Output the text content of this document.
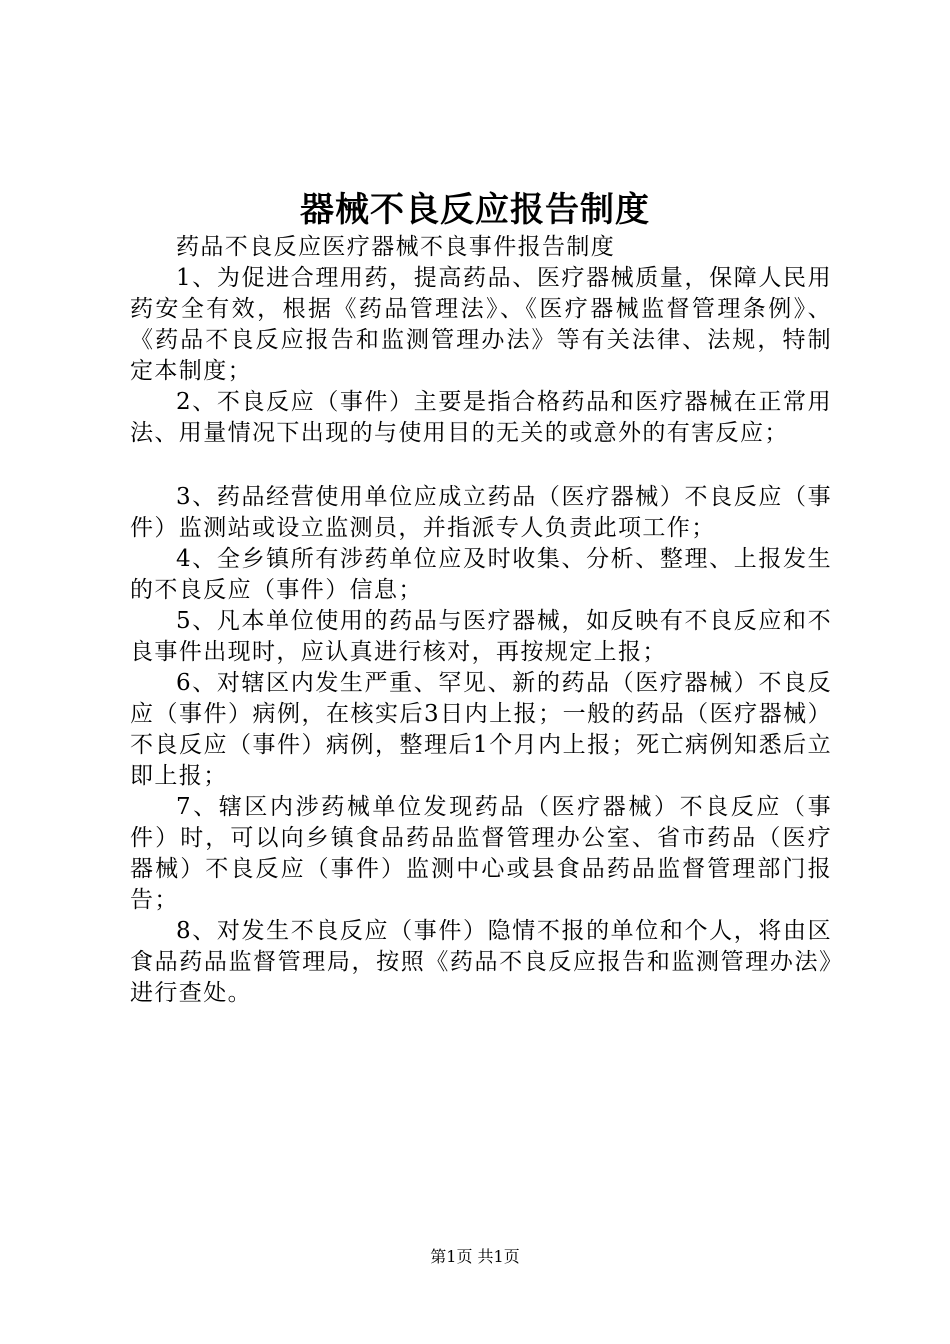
器械不良反应报告制度

药品不良反应医疗器械不良事件报告制度

1、为促进合理用药，提高药品、医疗器械质量，保障人民用药安全有效，根据《药品管理法》、《医疗器械监督管理条例》、《药品不良反应报告和监测管理办法》等有关法律、法规，特制定本制度；

2、不良反应（事件）主要是指合格药品和医疗器械在正常用法、用量情况下出现的与使用目的无关的或意外的有害反应；

3、药品经营使用单位应成立药品（医疗器械）不良反应（事件）监测站或设立监测员，并指派专人负责此项工作；

4、全乡镇所有涉药单位应及时收集、分析、整理、上报发生的不良反应（事件）信息；

5、凡本单位使用的药品与医疗器械，如反映有不良反应和不良事件出现时，应认真进行核对，再按规定上报；

6、对辖区内发生严重、罕见、新的药品（医疗器械）不良反应（事件）病例，在核实后3日内上报；一般的药品（医疗器械）不良反应（事件）病例，整理后1个月内上报；死亡病例知悉后立即上报；

7、辖区内涉药械单位发现药品（医疗器械）不良反应（事件）时，可以向乡镇食品药品监督管理办公室、省市药品（医疗器械）不良反应（事件）监测中心或县食品药品监督管理部门报告；

8、对发生不良反应（事件）隐情不报的单位和个人，将由区食品药品监督管理局，按照《药品不良反应报告和监测管理办法》进行查处。

第1页 共1页
